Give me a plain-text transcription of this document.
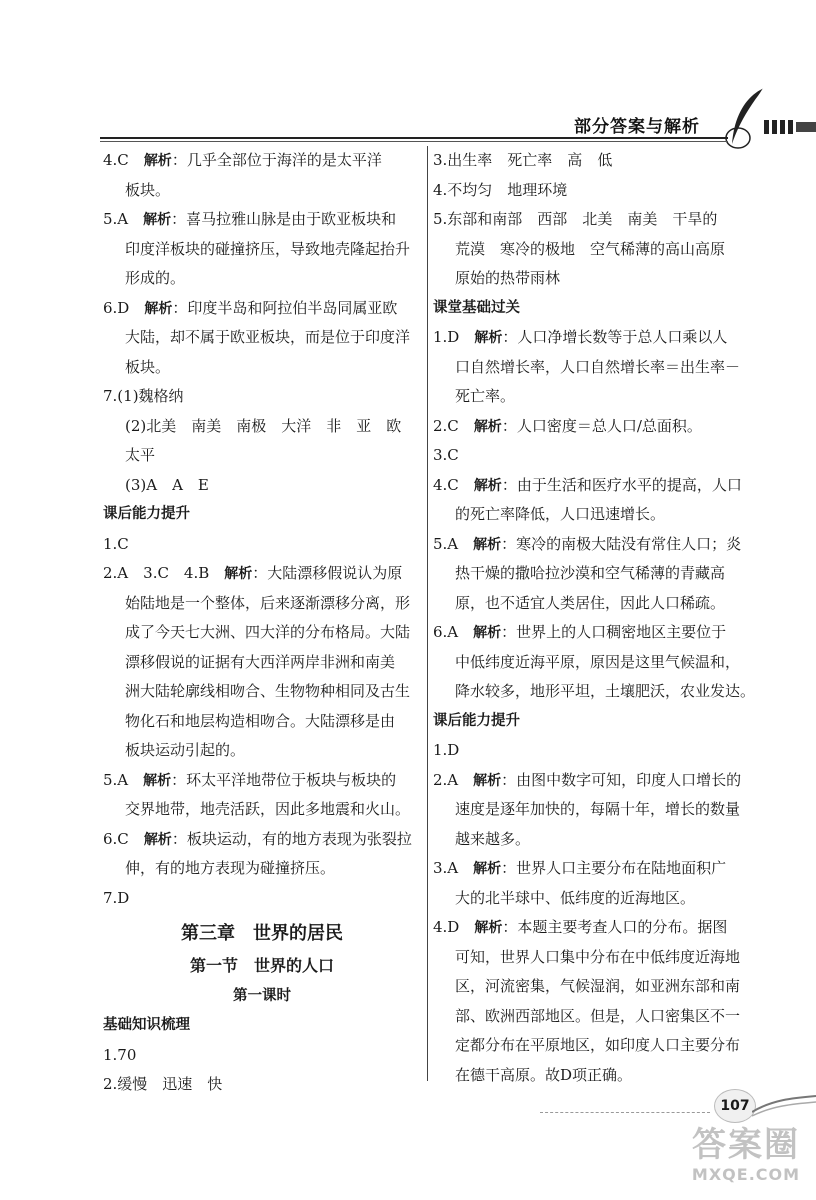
部分答案与解析
4.C　 解析：几乎全部位于海洋的是太平洋
板块。
5.A　 解析：喜马拉雅山脉是由于欧亚板块和
印度洋板块的碰撞挤压，导致地壳隆起抬升
形成的。
6.D　 解析：印度半岛和阿拉伯半岛同属亚欧
大陆，却不属于欧亚板块，而是位于印度洋
板块。
7.(1)魏格纳
(2)北美　南美　南极　大洋　非　亚　欧
太平
(3)A　A　E
课后能力提升
1.C
2.A　3.C　4.B　 解析：大陆漂移假说认为原
始陆地是一个整体，后来逐渐漂移分离，形
成了今天七大洲、四大洋的分布格局。大陆
漂移假说的证据有大西洋两岸非洲和南美
洲大陆轮廓线相吻合、生物物种相同及古生
物化石和地层构造相吻合。大陆漂移是由
板块运动引起的。
5.A　 解析：环太平洋地带位于板块与板块的
交界地带，地壳活跃，因此多地震和火山。
6.C　 解析：板块运动，有的地方表现为张裂拉
伸，有的地方表现为碰撞挤压。
7.D
第三章　世界的居民
第一节　世界的人口
第一课时
基础知识梳理
1.70
2.缓慢　迅速　快
3.出生率　死亡率　高　低
4.不均匀　地理环境
5.东部和南部　西部　北美　南美　干旱的
荒漠　寒冷的极地　空气稀薄的高山高原
原始的热带雨林
课堂基础过关
1.D　 解析：人口净增长数等于总人口乘以人
口自然增长率，人口自然增长率＝出生率－
死亡率。
2.C　 解析：人口密度＝总人口/总面积。
3.C
4.C　 解析：由于生活和医疗水平的提高，人口
的死亡率降低，人口迅速增长。
5.A　 解析：寒冷的南极大陆没有常住人口；炎
热干燥的撒哈拉沙漠和空气稀薄的青藏高
原，也不适宜人类居住，因此人口稀疏。
6.A　 解析：世界上的人口稠密地区主要位于
中低纬度近海平原，原因是这里气候温和，
降水较多，地形平坦，土壤肥沃，农业发达。
课后能力提升
1.D
2.A　 解析：由图中数字可知，印度人口增长的
速度是逐年加快的，每隔十年，增长的数量
越来越多。
3.A　 解析：世界人口主要分布在陆地面积广
大的北半球中、低纬度的近海地区。
4.D　 解析：本题主要考查人口的分布。据图
可知，世界人口集中分布在中低纬度近海地
区，河流密集，气候湿润，如亚洲东部和南
部、欧洲西部地区。但是，人口密集区不一
定都分布在平原地区，如印度人口主要分布
在德干高原。故D项正确。
107
答案圈
MXQE.COM
